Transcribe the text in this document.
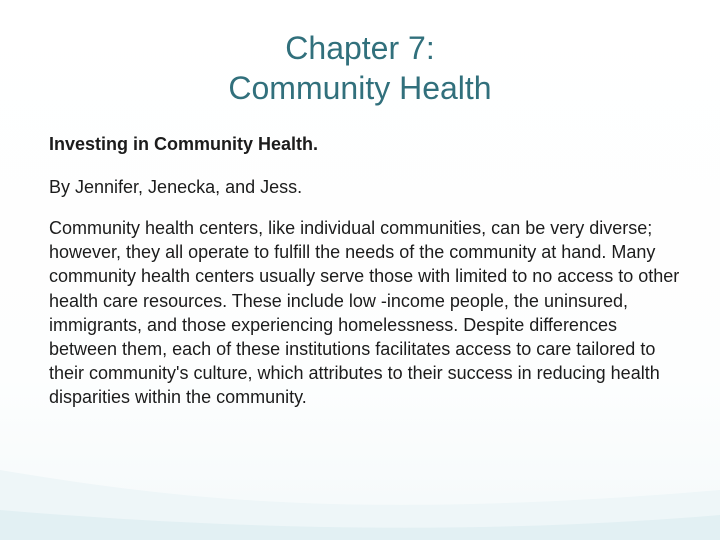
Chapter 7:
Community Health

Investing in Community Health.

By Jennifer, Jenecka, and Jess.

Community health centers, like individual communities, can be very diverse; however, they all operate to fulfill the needs of the community at hand. Many community health centers usually serve those with limited to no access to other health care resources. These include low -income people, the uninsured, immigrants, and those experiencing homelessness. Despite differences between them, each of these institutions facilitates access to care tailored to their community's culture, which attributes to their success in reducing health disparities within the community.
